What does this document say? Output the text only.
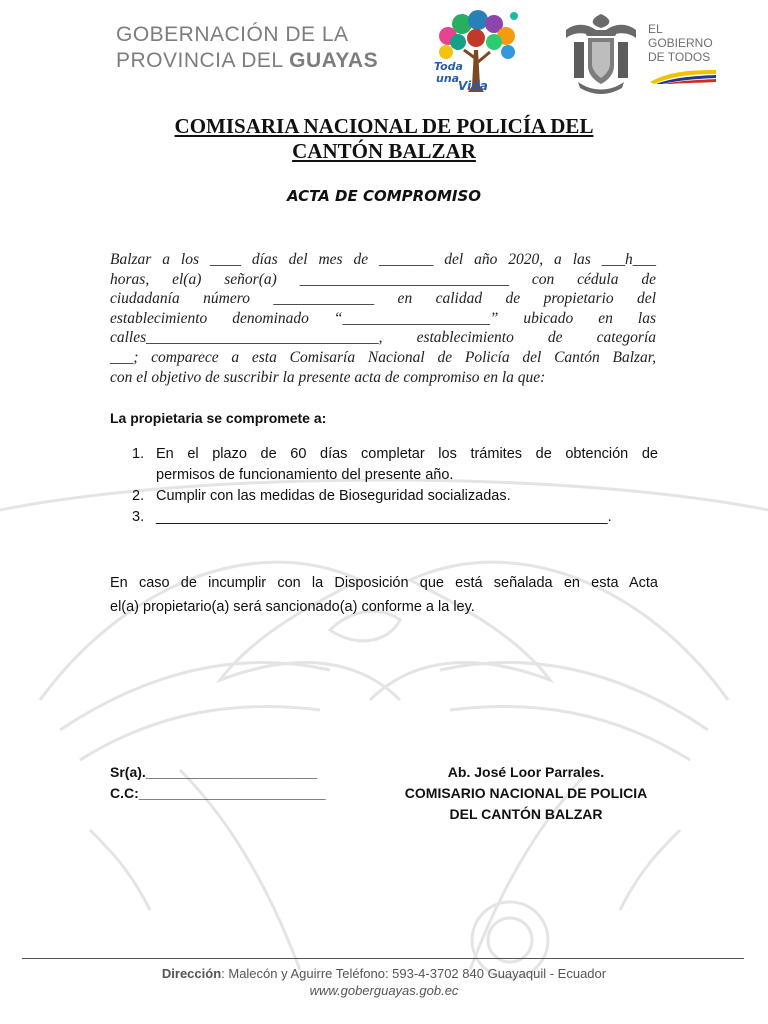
GOBERNACIÓN DE LA
PROVINCIA DEL GUAYAS	Toda
una
Vida
EL
GOBIERNO
DE TODOS
COMISARIA NACIONAL DE POLICÍA DEL
CANTÓN BALZAR
ACTA DE COMPROMISO
Balzar a los ____ días del mes de _______ del año 2020, a las ___h___
horas, el(a) señor(a) ___________________________ con cédula de
ciudadanía número _____________ en calidad de propietario del
establecimiento denominado “___________________” ubicado en las
calles______________________________, establecimiento de categoría
___; comparece a esta Comisaría Nacional de Policía del Cantón Balzar,
con el objetivo de suscribir la presente acta de compromiso en la que:
La propietaria se compromete a:
1. En el plazo de 60 días completar los trámites de obtención de
permisos de funcionamiento del presente año.
2. Cumplir con las medidas de Bioseguridad socializadas.
3. ________________________________________________________.
En caso de incumplir con la Disposición que está señalada en esta Acta
el(a) propietario(a) será sancionado(a) conforme a la ley.
Sr(a).______________________
C.C:________________________
Ab. José Loor Parrales.
COMISARIO NACIONAL DE POLICIA
DEL CANTÓN BALZAR
Dirección: Malecón y Aguirre Teléfono: 593-4-3702 840 Guayaquil - Ecuador
www.goberguayas.gob.ec
